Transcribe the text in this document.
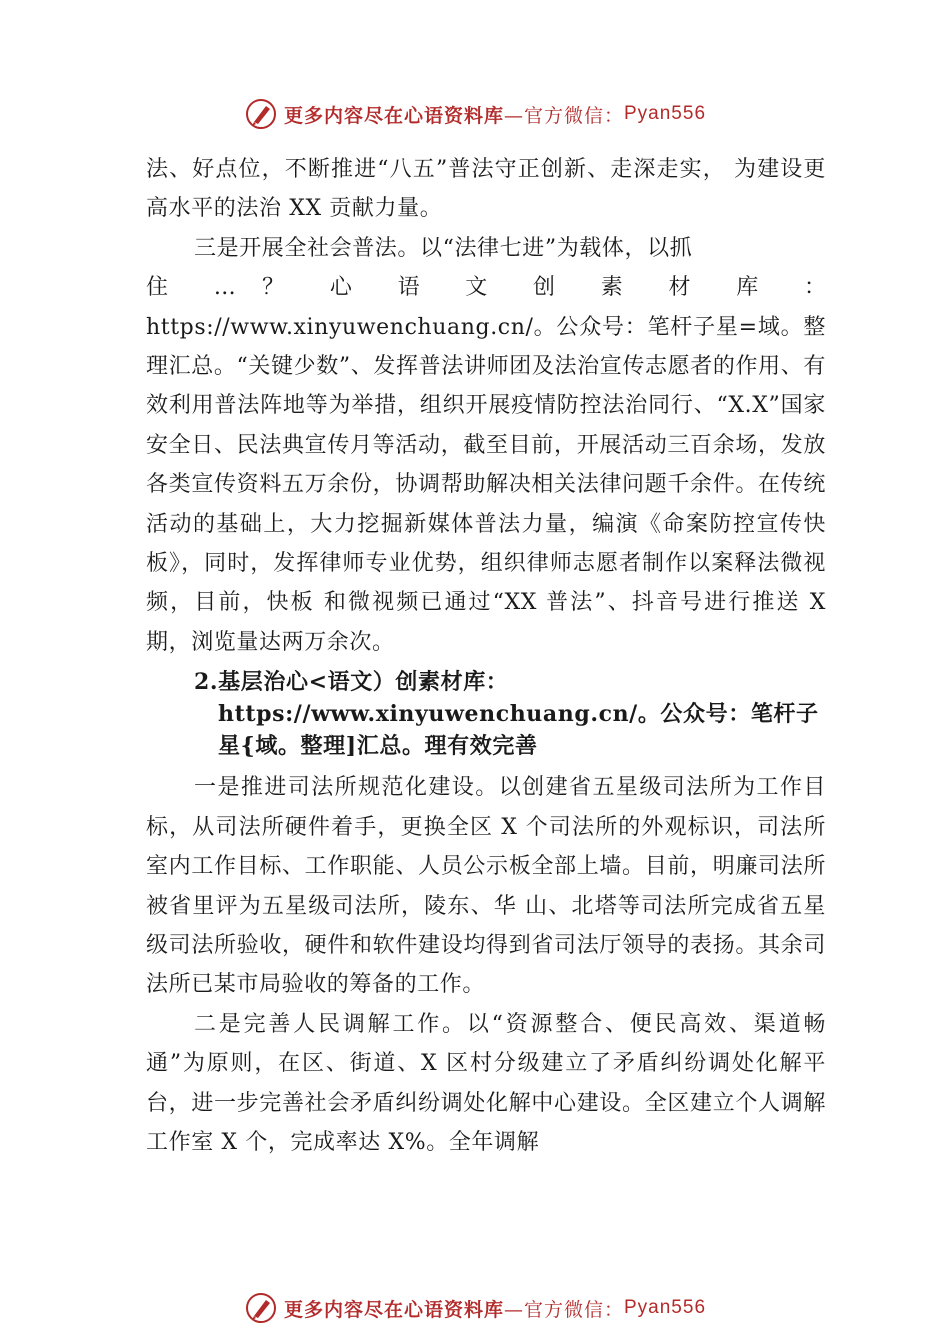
更多内容尽在心语资料库 —官方微信： Pyan556

法、好点位，不断推进“八五”普法守正创新、走深走实， 为建设更高水平的法治 XX 贡献力量。

三是开展全社会普法。以“法律七进”为载体，以抓

住 … ？ 心 语 文 创 素 材 库 ：

https://www.xinyuwenchuang.cn/。公众号：笔杆子星=域。整理汇总。“关键少数”、发挥普法讲师团及法治宣传志愿者的作用、有效利用普法阵地等为举措，组织开展疫情防控法治同行、“X.X”国家安全日、民法典宣传月等活动，截至目前，开展活动三百余场，发放各类宣传资料五万余份，协调帮助解决相关法律问题千余件。在传统活动的基础上，大力挖掘新媒体普法力量，编演《命案防控宣传快板》，同时，发挥律师专业优势，组织律师志愿者制作以案释法微视频，目前，快板 和微视频已通过“XX 普法”、抖音号进行推送 X 期，浏览量达两万余次。

2.基层治心<语文）创素材库：https://www.xinyuwenchuang.cn/。公众号：笔杆子星{域。整理]汇总。理有效完善

一是推进司法所规范化建设。以创建省五星级司法所为工作目标，从司法所硬件着手，更换全区 X 个司法所的外观标识，司法所室内工作目标、工作职能、人员公示板全部上墙。目前，明廉司法所被省里评为五星级司法所，陵东、华 山、北塔等司法所完成省五星级司法所验收，硬件和软件建设均得到省司法厅领导的表扬。其余司法所已某市局验收的筹备的工作。

二是完善人民调解工作。以“资源整合、便民高效、渠道畅通”为原则，在区、街道、X 区村分级建立了矛盾纠纷调处化解平台，进一步完善社会矛盾纠纷调处化解中心建设。全区建立个人调解工作室 X 个，完成率达 X%。全年调解

更多内容尽在心语资料库 —官方微信： Pyan556
